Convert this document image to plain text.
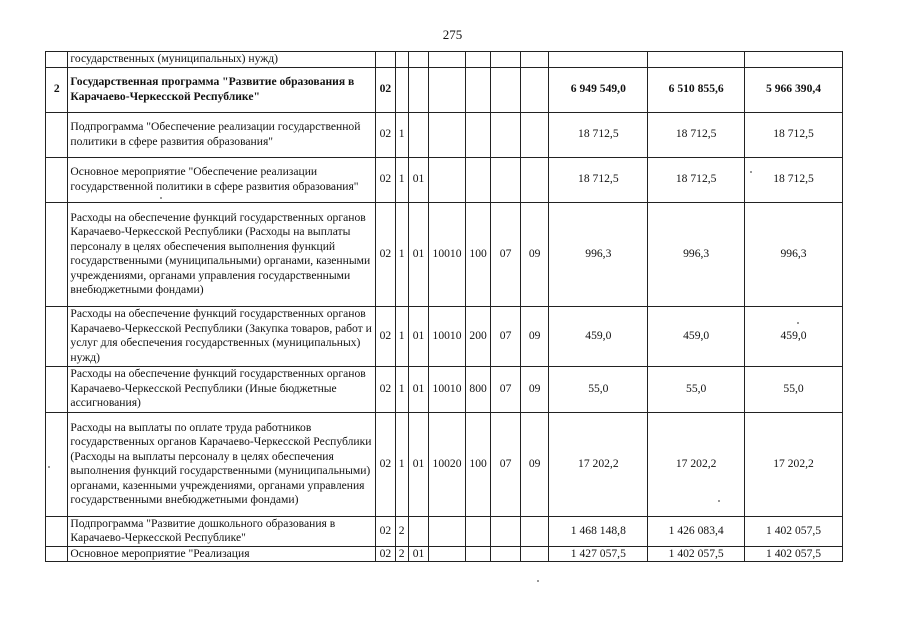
275
	государственных (муниципальных) нужд)										
2	Государственная программа "Развитие образования в Карачаево-Черкесской Республике"	02							6 949 549,0	6 510 855,6	5 966 390,4
	Подпрограмма "Обеспечение реализации государственной политики в сфере развития образования"	02	1						18 712,5	18 712,5	18 712,5
	Основное мероприятие "Обеспечение реализации государственной политики в сфере развития образования"	02	1	01					18 712,5	18 712,5	18 712,5
	Расходы на обеспечение функций государственных органов Карачаево-Черкесской Республики (Расходы на выплаты персоналу в целях обеспечения выполнения функций государственными (муниципальными) органами, казенными учреждениями, органами управления государственными внебюджетными фондами)	02	1	01	10010	100	07	09	996,3	996,3	996,3
	Расходы на обеспечение функций государственных органов Карачаево-Черкесской Республики (Закупка товаров, работ и услуг для обеспечения государственных (муниципальных) нужд)	02	1	01	10010	200	07	09	459,0	459,0	459,0
	Расходы на обеспечение функций государственных органов Карачаево-Черкесской Республики (Иные бюджетные ассигнования)	02	1	01	10010	800	07	09	55,0	55,0	55,0
	Расходы на выплаты по оплате труда работников государственных органов Карачаево-Черкесской Республики (Расходы на выплаты персоналу в целях обеспечения выполнения функций государственными (муниципальными) органами, казенными учреждениями, органами управления государственными внебюджетными фондами)	02	1	01	10020	100	07	09	17 202,2	17 202,2	17 202,2
	Подпрограмма "Развитие дошкольного образования в Карачаево-Черкесской Республике"	02	2						1 468 148,8	1 426 083,4	1 402 057,5
	Основное мероприятие "Реализация	02	2	01					1 427 057,5	1 402 057,5	1 402 057,5
